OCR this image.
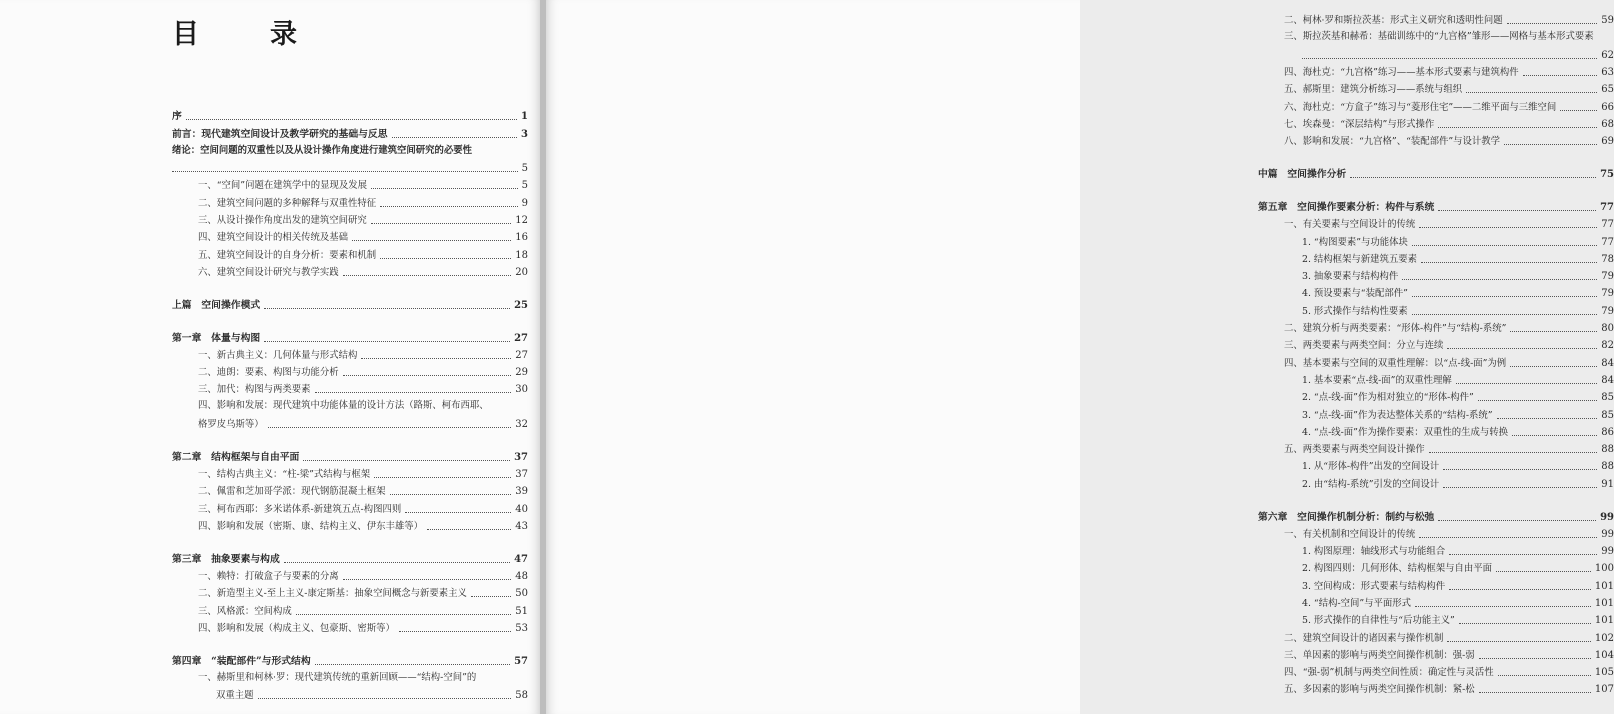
目　录
序	1
前言：现代建筑空间设计及教学研究的基础与反思	3
绪论：空间问题的双重性以及从设计操作角度进行建筑空间研究的必要性
5
一、“空间”问题在建筑学中的显现及发展	5
二、建筑空间问题的多种解释与双重性特征	9
三、从设计操作角度出发的建筑空间研究	12
四、建筑空间设计的相关传统及基础	16
五、建筑空间设计的自身分析：要素和机制	18
六、建筑空间设计研究与教学实践	20
上篇　空间操作模式	25
第一章　体量与构图	27
一、新古典主义：几何体量与形式结构	27
二、迪朗：要素、构图与功能分析	29
三、加代：构图与两类要素	30
四、影响和发展：现代建筑中功能体量的设计方法（路斯、柯布西耶、
格罗皮乌斯等）	32
第二章　结构框架与自由平面	37
一、结构古典主义：“柱-梁”式结构与框架	37
二、佩雷和芝加哥学派：现代钢筋混凝土框架	39
三、柯布西耶：多米诺体系-新建筑五点-构图四则	40
四、影响和发展（密斯、康、结构主义、伊东丰雄等）	43
第三章　抽象要素与构成	47
一、赖特：打破盒子与要素的分离	48
二、新造型主义-至上主义-康定斯基：抽象空间概念与新要素主义	50
三、风格派：空间构成	51
四、影响和发展（构成主义、包豪斯、密斯等）	53
第四章　“装配部件”与形式结构	57
一、赫斯里和柯林·罗：现代建筑传统的重新回顾——“结构-空间”的
双重主题	58
二、柯林·罗和斯拉茨基：形式主义研究和透明性问题	59
三、斯拉茨基和赫希：基础训练中的“九宫格”雏形——网格与基本形式要素
62
四、海杜克：“九宫格”练习——基本形式要素与建筑构件	63
五、郝斯里：建筑分析练习——系统与组织	65
六、海杜克：“方盒子”练习与“菱形住宅”——二维平面与三维空间	66
七、埃森曼：“深层结构”与形式操作	68
八、影响和发展：“九宫格”、“装配部件”与设计教学	69
中篇　空间操作分析	75
第五章　空间操作要素分析：构件与系统	77
一、有关要素与空间设计的传统	77
1. “构图要素”与功能体块	77
2. 结构框架与新建筑五要素	78
3. 抽象要素与结构构件	79
4. 预设要素与“装配部件”	79
5. 形式操作与结构性要素	79
二、建筑分析与两类要素：“形体-构件”与“结构-系统”	80
三、两类要素与两类空间：分立与连续	82
四、基本要素与空间的双重性理解：以“点-线-面”为例	84
1. 基本要素“点-线-面”的双重性理解	84
2. “点-线-面”作为相对独立的“形体-构件”	85
3. “点-线-面”作为表达整体关系的“结构-系统”	85
4. “点-线-面”作为操作要素：双重性的生成与转换	86
五、两类要素与两类空间设计操作	88
1. 从“形体-构件”出发的空间设计	88
2. 由“结构-系统”引发的空间设计	91
第六章　空间操作机制分析：制约与松弛	99
一、有关机制和空间设计的传统	99
1. 构图原理：轴线形式与功能组合	99
2. 构图四则：几何形体、结构框架与自由平面	100
3. 空间构成：形式要素与结构构件	101
4. “结构-空间”与平面形式	101
5. 形式操作的自律性与“后功能主义”	101
二、建筑空间设计的诸因素与操作机制	102
三、单因素的影响与两类空间操作机制：强-弱	104
四、“强-弱”机制与两类空间性质：确定性与灵活性	105
五、多因素的影响与两类空间操作机制：紧-松	107
